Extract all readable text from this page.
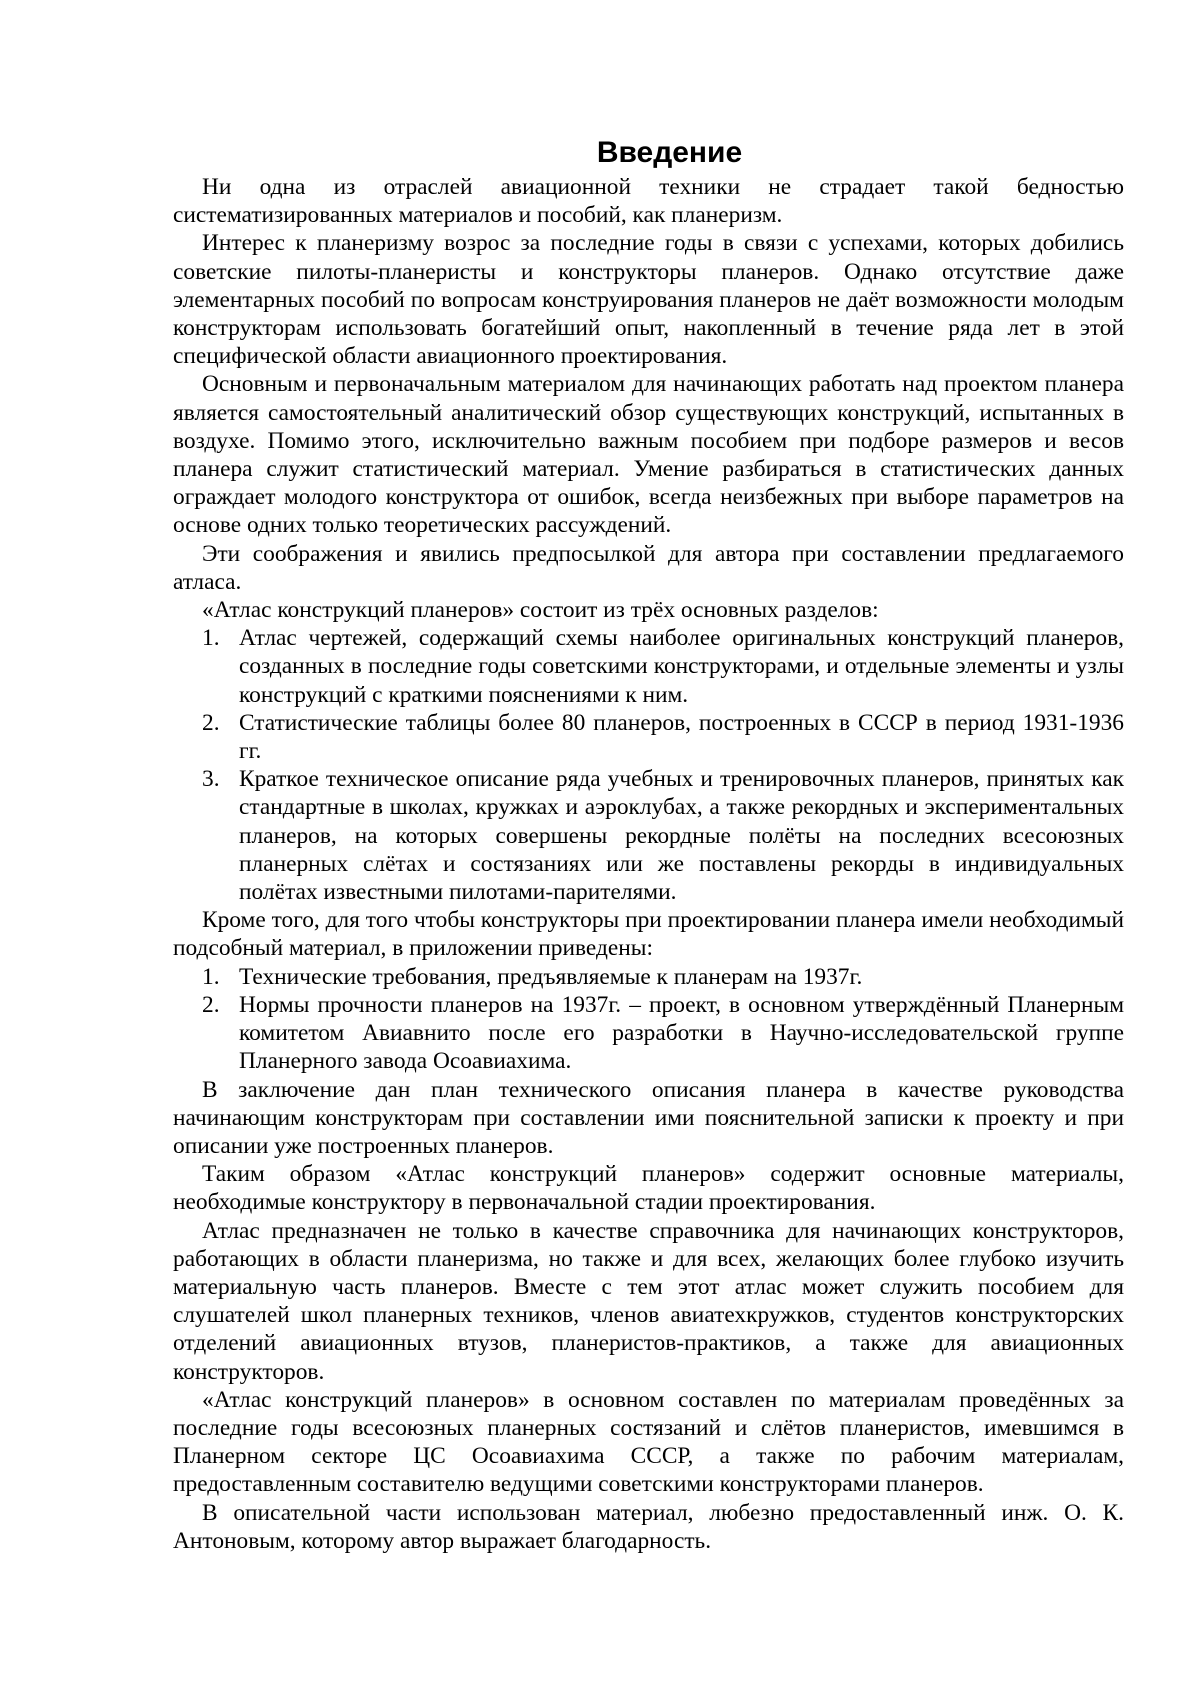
Введение

Ни одна из отраслей авиационной техники не страдает такой бедностью систематизированных материалов и пособий, как планеризм.

Интерес к планеризму возрос за последние годы в связи с успехами, которых добились советские пилоты-планеристы и конструкторы планеров. Однако отсутствие даже элементарных пособий по вопросам конструирования планеров не даёт возможности молодым конструкторам использовать богатейший опыт, накопленный в течение ряда лет в этой специфической области авиационного проектирования.

Основным и первоначальным материалом для начинающих работать над проектом планера является самостоятельный аналитический обзор существующих конструкций, испытанных в воздухе. Помимо этого, исключительно важным пособием при подборе размеров и весов планера служит статистический материал. Умение разбираться в статистических данных ограждает молодого конструктора от ошибок, всегда неизбежных при выборе параметров на основе одних только теоретических рассуждений.

Эти соображения и явились предпосылкой для автора при составлении предлагаемого атласа.

«Атлас конструкций планеров» состоит из трёх основных разделов:

1. Атлас чертежей, содержащий схемы наиболее оригинальных конструкций планеров, созданных в последние годы советскими конструкторами, и отдельные элементы и узлы конструкций с краткими пояснениями к ним.
2. Статистические таблицы более 80 планеров, построенных в СССР в период 1931-1936 гг.
3. Краткое техническое описание ряда учебных и тренировочных планеров, принятых как стандартные в школах, кружках и аэроклубах, а также рекордных и экспериментальных планеров, на которых совершены рекордные полёты на последних всесоюзных планерных слётах и состязаниях или же поставлены рекорды в индивидуальных полётах известными пилотами-парителями.

Кроме того, для того чтобы конструкторы при проектировании планера имели необходимый подсобный материал, в приложении приведены:

1. Технические требования, предъявляемые к планерам на 1937г.
2. Нормы прочности планеров на 1937г. – проект, в основном утверждённый Планерным комитетом Авиавнито после его разработки в Научно-исследовательской группе Планерного завода Осоавиахима.

В заключение дан план технического описания планера в качестве руководства начинающим конструкторам при составлении ими пояснительной записки к проекту и при описании уже построенных планеров.

Таким образом «Атлас конструкций планеров» содержит основные материалы, необходимые конструктору в первоначальной стадии проектирования.

Атлас предназначен не только в качестве справочника для начинающих конструкторов, работающих в области планеризма, но также и для всех, желающих более глубоко изучить материальную часть планеров. Вместе с тем этот атлас может служить пособием для слушателей школ планерных техников, членов авиатехкружков, студентов конструкторских отделений авиационных втузов, планеристов-практиков, а также для авиационных конструкторов.

«Атлас конструкций планеров» в основном составлен по материалам проведённых за последние годы всесоюзных планерных состязаний и слётов планеристов, имевшимся в Планерном секторе ЦС Осоавиахима СССР, а также по рабочим материалам, предоставленным составителю ведущими советскими конструкторами планеров.

В описательной части использован материал, любезно предоставленный инж. О. К. Антоновым, которому автор выражает благодарность.
